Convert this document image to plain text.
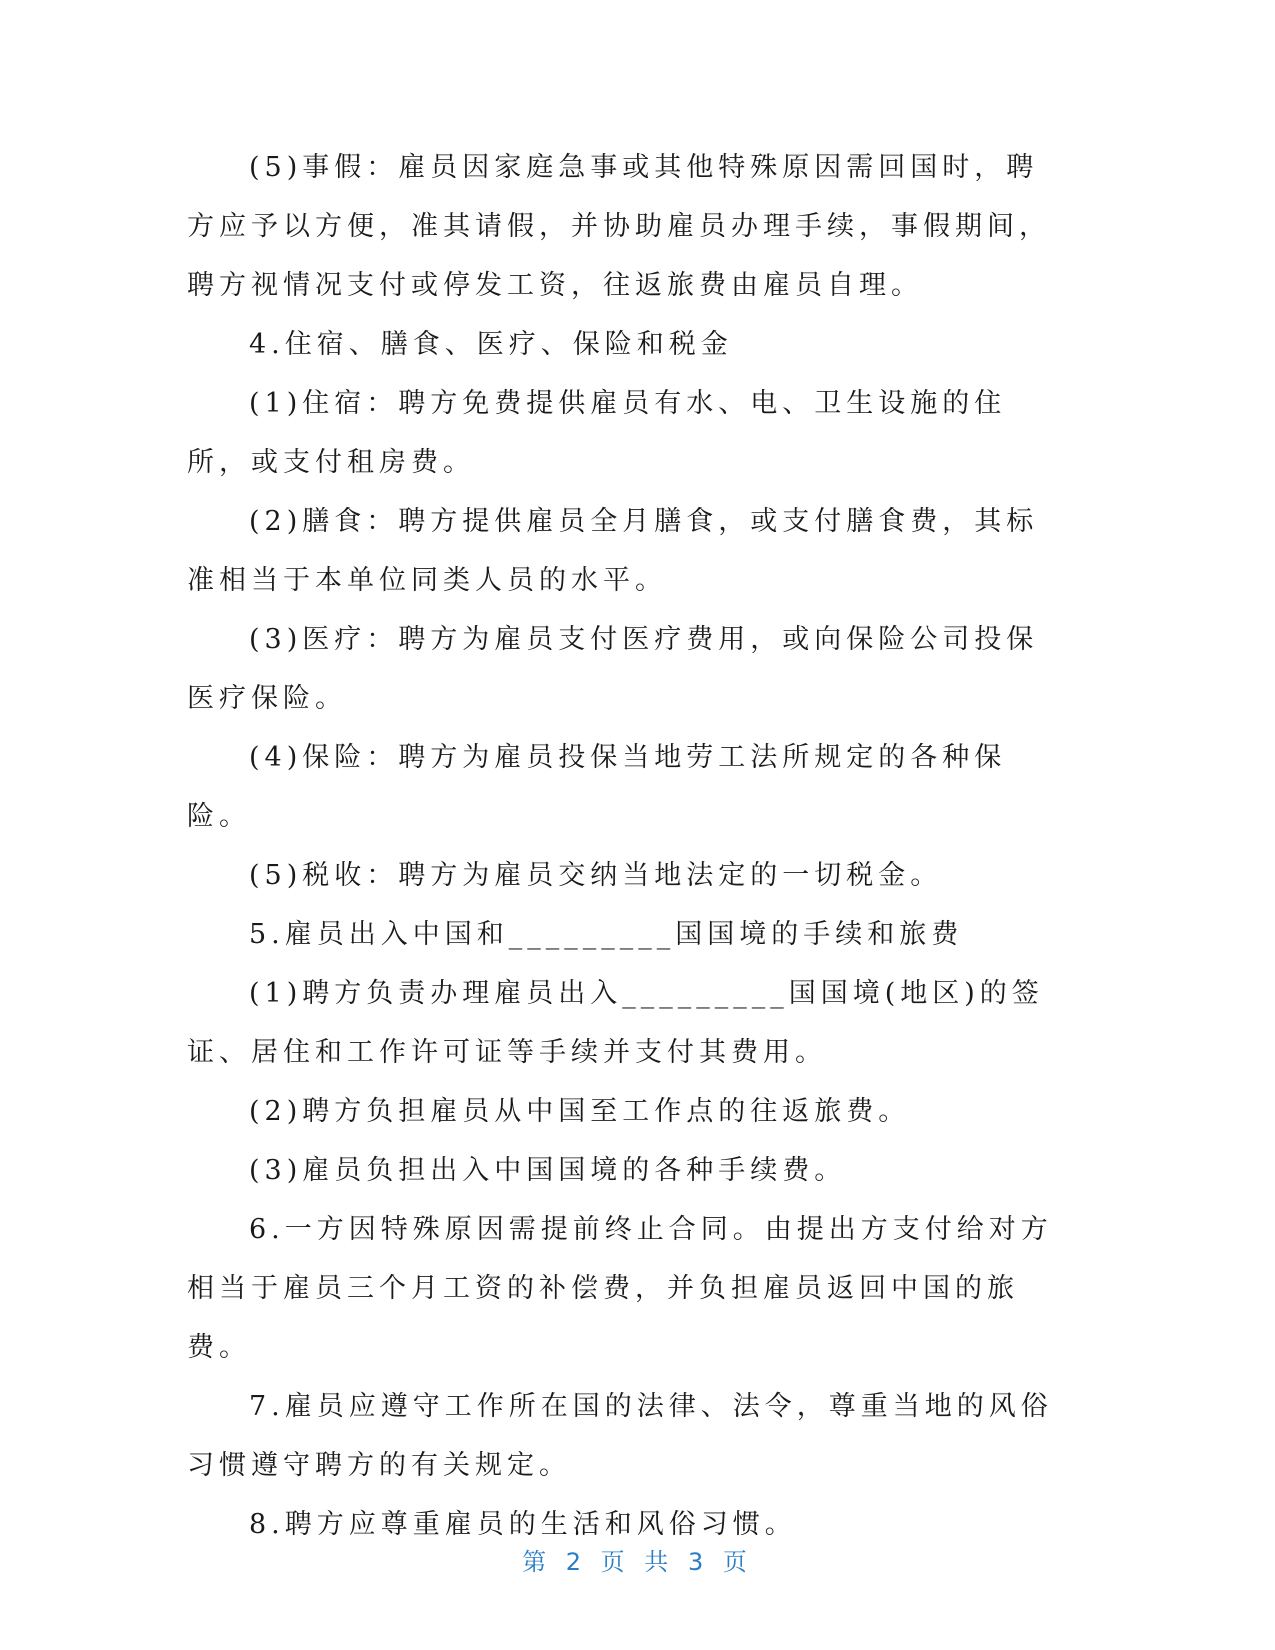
(5)事假：雇员因家庭急事或其他特殊原因需回国时，聘方应予以方便，准其请假，并协助雇员办理手续，事假期间，聘方视情况支付或停发工资，往返旅费由雇员自理。

4.住宿、膳食、医疗、保险和税金

(1)住宿：聘方免费提供雇员有水、电、卫生设施的住所，或支付租房费。

(2)膳食：聘方提供雇员全月膳食，或支付膳食费，其标准相当于本单位同类人员的水平。

(3)医疗：聘方为雇员支付医疗费用，或向保险公司投保医疗保险。

(4)保险：聘方为雇员投保当地劳工法所规定的各种保险。

(5)税收：聘方为雇员交纳当地法定的一切税金。

5.雇员出入中国和_________国国境的手续和旅费

(1)聘方负责办理雇员出入_________国国境(地区)的签证、居住和工作许可证等手续并支付其费用。

(2)聘方负担雇员从中国至工作点的往返旅费。

(3)雇员负担出入中国国境的各种手续费。

6.一方因特殊原因需提前终止合同。由提出方支付给对方相当于雇员三个月工资的补偿费，并负担雇员返回中国的旅费。

7.雇员应遵守工作所在国的法律、法令，尊重当地的风俗习惯遵守聘方的有关规定。

8.聘方应尊重雇员的生活和风俗习惯。

第 2 页 共 3 页
